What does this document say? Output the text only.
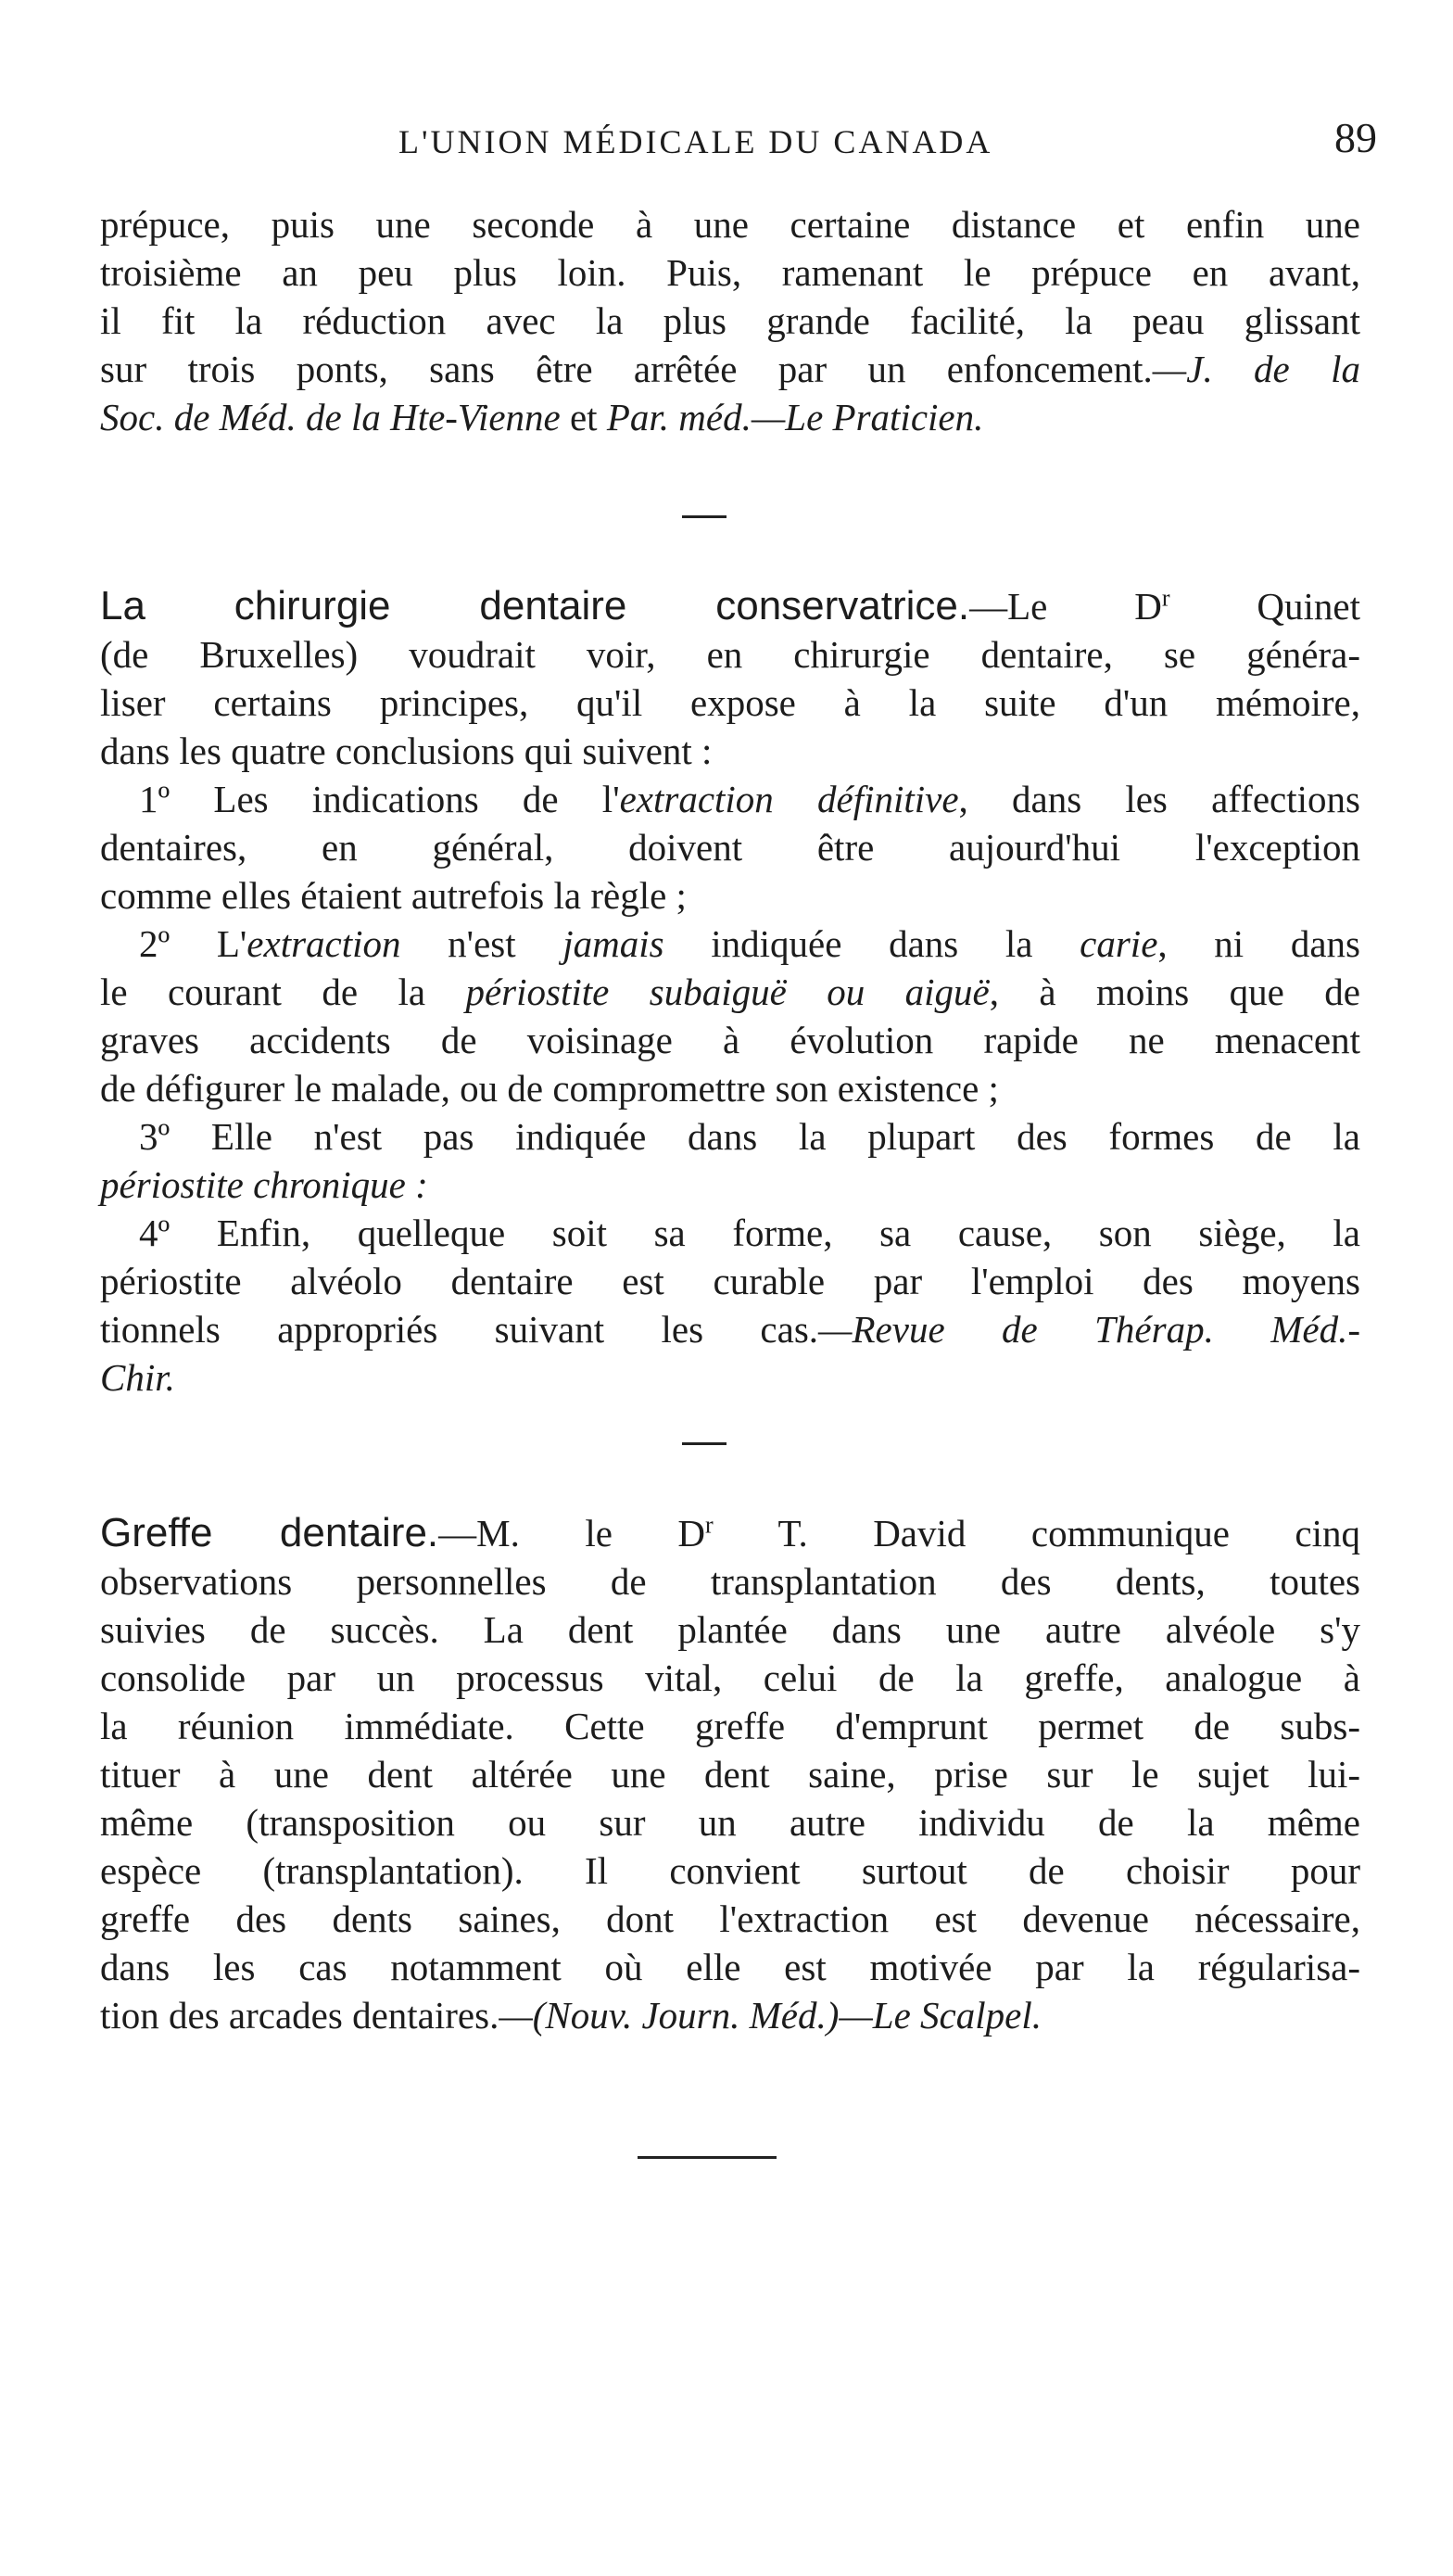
L'UNION MÉDICALE DU CANADA	89
prépuce, puis une seconde à une certaine distance et enfin une
troisième an peu plus loin. Puis, ramenant le prépuce en avant,
il fit la réduction avec la plus grande facilité, la peau glissant
sur trois ponts, sans être arrêtée par un enfoncement.—J. de la
Soc. de Méd. de la Hte-Vienne et Par. méd.—Le Praticien.
La chirurgie dentaire conservatrice.—Le $D^r$ Quinet
(de Bruxelles) voudrait voir, en chirurgie dentaire, se généra-
liser certains principes, qu'il expose à la suite d'un mémoire,
dans les quatre conclusions qui suivent :
1º Les indications de l'extraction définitive, dans les affections
dentaires, en général, doivent être aujourd'hui l'exception
comme elles étaient autrefois la règle ;
2º L'extraction n'est jamais indiquée dans la carie, ni dans
le courant de la périostite subaiguë ou aiguë, à moins que de
graves accidents de voisinage à évolution rapide ne menacent
de défigurer le malade, ou de compromettre son existence ;
3º Elle n'est pas indiquée dans la plupart des formes de la
périostite chronique :
4º Enfin, quelleque soit sa forme, sa cause, son siège, la
périostite alvéolo dentaire est curable par l'emploi des moyens
tionnels appropriés suivant les cas.—Revue de Thérap. Méd.-
Chir.
Greffe dentaire.—M. le $D^r$ T. David communique cinq
observations personnelles de transplantation des dents, toutes
suivies de succès. La dent plantée dans une autre alvéole s'y
consolide par un processus vital, celui de la greffe, analogue à
la réunion immédiate. Cette greffe d'emprunt permet de subs-
tituer à une dent altérée une dent saine, prise sur le sujet lui-
même (transposition ou sur un autre individu de la même
espèce (transplantation). Il convient surtout de choisir pour
greffe des dents saines, dont l'extraction est devenue nécessaire,
dans les cas notamment où elle est motivée par la régularisa-
tion des arcades dentaires.—(Nouv. Journ. Méd.)—Le Scalpel.
